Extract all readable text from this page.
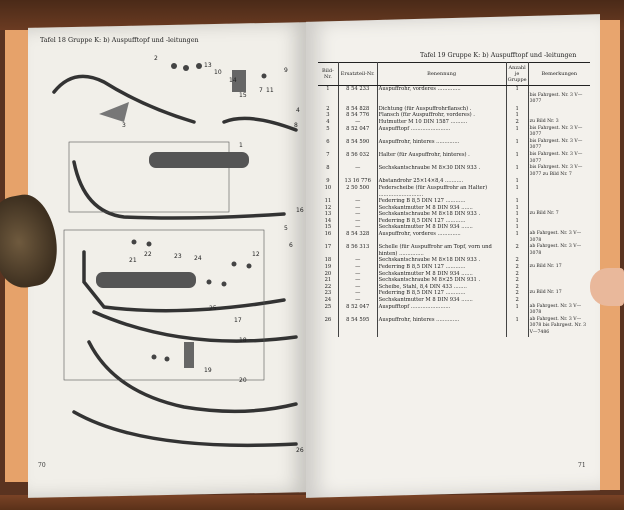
Tafel 18 Gruppe K: b) Auspufftopf und -leitungen
1
2
3
4
5
6
7
8
9
10
11
12
13
14
15
16
17
18
19
20
21
22	23 24
25
26
70
Tafel 19 Gruppe K: b) Auspufftopf und -leitungen
Bild-Nr.	Ersatzteil-Nr.	Benennung	Anzahl je Gruppe	Bemerkungen
1	8 54 233	Auspuffrohr, vorderes ..............	1	
				bis Fahrgest. Nr. 3 V—3077
2	8 54 828	Dichtung (für Auspuffrohrflansch) .	1	
3	8 54 776	Flansch (für Auspuffrohr, vorderes) .	1	
4	—	Hutmutter M 10 DIN 1587 ..........	2	zu Bild Nr. 3
5	8 52 047	Auspufftopf ........................	1	bis Fahrgest. Nr. 3 V—3077
6	8 54 590	Auspuffrohr, hinteres ..............	1	bis Fahrgest. Nr. 3 V—3077
7	8 56 032	Halter (für Auspuffrohr, hinteres) .	1	bis Fahrgest. Nr. 3 V—3077
8	—	Sechskantschraube M 8×30 DIN 933 .	1	bis Fahrgest. Nr. 3 V—3077 zu Bild Nr. 7
9	13 16 776	Abstandrohr 25×14×8,4 ...........	1	
10	2 50 500	Federscheibe (für Auspuffrohr an Halter) ...........................	1	
11	—	Federring B 8,5 DIN 127 ............	1	
12	—	Sechskantmutter M 8 DIN 934 .......	1	
13	—	Sechskantschraube M 8×18 DIN 933 .	1	zu Bild Nr. 7
14	—	Federring B 8,5 DIN 127 ............	1	
15	—	Sechskantmutter M 8 DIN 934 .......	1	
16	8 54 328	Auspuffrohr, vorderes ..............	1	ab Fahrgest. Nr. 3 V—3078
17	8 56 313	Schelle (für Auspuffrohr am Topf, vorn und hinten) ...............	2	ab Fahrgest. Nr. 3 V—3078
18	—	Sechskantschraube M 8×18 DIN 933 .	2	
19	—	Federring B 8,5 DIN 127 ............	2	zu Bild Nr. 17
20	—	Sechskantmutter M 8 DIN 934 .......	2	
21	—	Sechskantschraube M 8×25 DIN 931 .	2	
22	—	Scheibe, Stahl, 8,4 DIN 433 ........	2	
23	—	Federring B 8,5 DIN 127 ............	2	zu Bild Nr. 17
24	—	Sechskantmutter M 8 DIN 934 .......	2	
25	8 52 047	Auspufftopf ........................	1	ab Fahrgest. Nr. 3 V—3078
26	8 54 595	Auspuffrohr, hinteres ..............	1	ab Fahrgest. Nr. 3 V—3078 bis Fahrgest. Nr. 3 V—7486
71
